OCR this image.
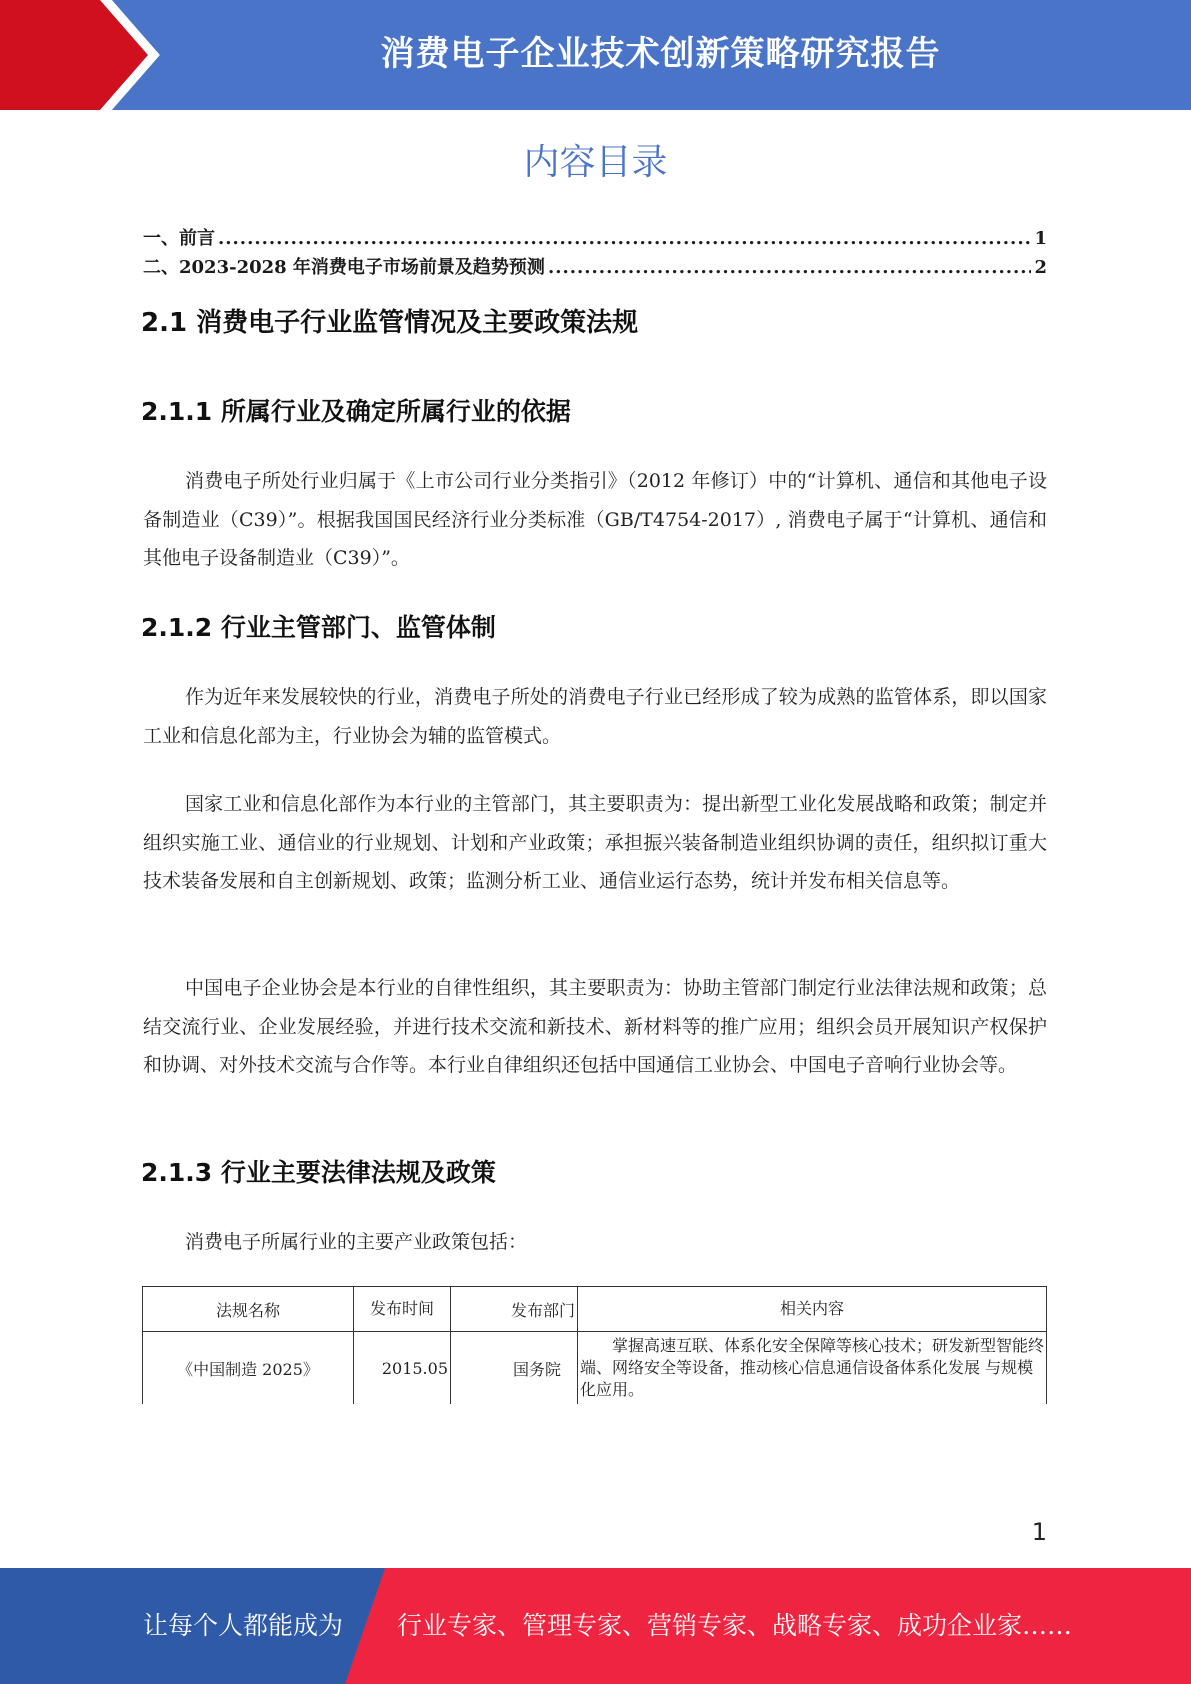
消费电子企业技术创新策略研究报告
内容目录
一、前言 .....	1
二、2023-2028 年消费电子市场前景及趋势预测 .....	2
2.1 消费电子行业监管情况及主要政策法规
2.1.1 所属行业及确定所属行业的依据

消费电子所处行业归属于《上市公司行业分类指引》（2012 年修订）中的“计算机、通信和其他电子设备制造业（C39）”。根据我国国民经济行业分类标准（GB/T4754-2017）, 消费电子属于“计算机、通信和其他电子设备制造业（C39）”。

2.1.2 行业主管部门、监管体制

作为近年来发展较快的行业，消费电子所处的消费电子行业已经形成了较为成熟的监管体系，即以国家工业和信息化部为主，行业协会为辅的监管模式。

国家工业和信息化部作为本行业的主管部门，其主要职责为：提出新型工业化发展战略和政策；制定并组织实施工业、通信业的行业规划、计划和产业政策；承担振兴装备制造业组织协调的责任，组织拟订重大技术装备发展和自主创新规划、政策；监测分析工业、通信业运行态势，统计并发布相关信息等。

中国电子企业协会是本行业的自律性组织，其主要职责为：协助主管部门制定行业法律法规和政策；总结交流行业、企业发展经验，并进行技术交流和新技术、新材料等的推广应用；组织会员开展知识产权保护和协调、对外技术交流与合作等。本行业自律组织还包括中国通信工业协会、中国电子音响行业协会等。

2.1.3 行业主要法律法规及政策

消费电子所属行业的主要产业政策包括：

法规名称	发布时间	发布部门	相关内容
《中国制造 2025》	2015.05	国务院	掌握高速互联、体系化安全保障等核心技术；研发新型智能终端、网络安全等设备，推动核心信息通信设备体系化发展 与规模化应用。
1
让每个人都能成为 行业专家、管理专家、营销专家、战略专家、成功企业家……
